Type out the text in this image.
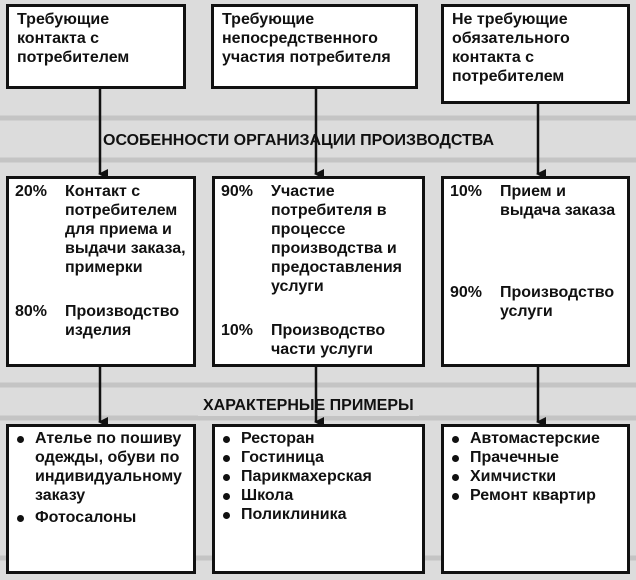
Требующие контакта с потребителем
Требующие непосредственного участия потребителя
Не требующие обязательного контакта с потребителем
ОСОБЕННОСТИ ОРГАНИЗАЦИИ ПРОИЗВОДСТВА
20%	Контакт с потребителем для приема и выдачи заказа, примерки
80%	Производство изделия
90%	Участие потребителя в процессе производства и предоставления услуги
10%	Производство части услуги
10%	Прием и выдача заказа
90%	Производство услуги
ХАРАКТЕРНЫЕ ПРИМЕРЫ
Ателье по пошиву одежды, обуви по индивидуальному заказу
Фотосалоны
Ресторан
Гостиница
Парикмахерская
Школа
Поликлиника
Автомастерские
Прачечные
Химчистки
Ремонт квартир
